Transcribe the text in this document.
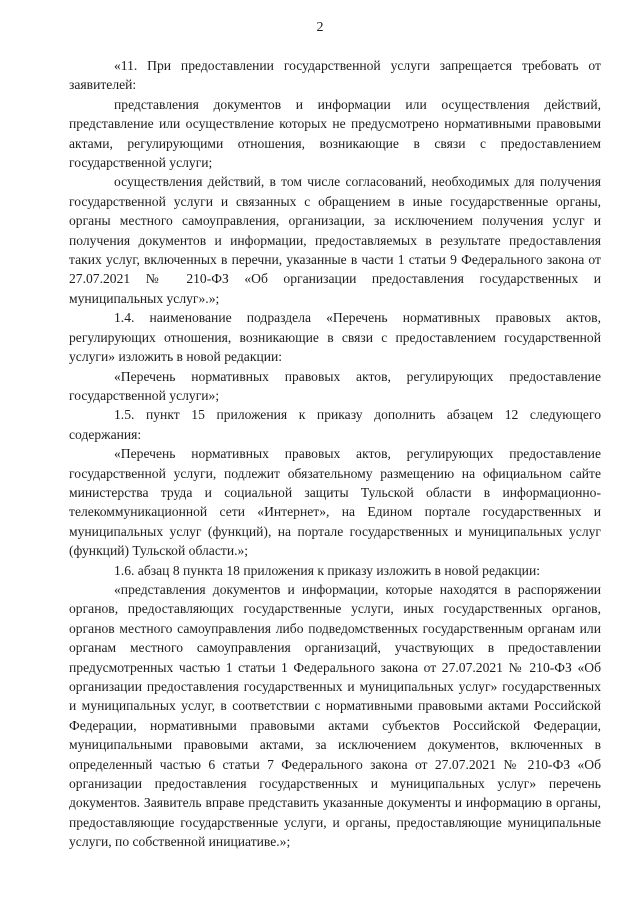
2

«11. При предоставлении государственной услуги запрещается требовать от заявителей:

представления документов и информации или осуществления действий, представление или осуществление которых не предусмотрено нормативными правовыми актами, регулирующими отношения, возникающие в связи с предоставлением государственной услуги;

осуществления действий, в том числе согласований, необходимых для получения государственной услуги и связанных с обращением в иные государственные органы, органы местного самоуправления, организации, за исключением получения услуг и получения документов и информации, предоставляемых в результате предоставления таких услуг, включенных в перечни, указанные в части 1 статьи 9 Федерального закона от 27.07.2021 № 210-ФЗ «Об организации предоставления государственных и муниципальных услуг».»;

1.4. наименование подраздела «Перечень нормативных правовых актов, регулирующих отношения, возникающие в связи с предоставлением государственной услуги» изложить в новой редакции:

«Перечень нормативных правовых актов, регулирующих предоставление государственной услуги»;

1.5. пункт 15 приложения к приказу дополнить абзацем 12 следующего содержания:

«Перечень нормативных правовых актов, регулирующих предоставление государственной услуги, подлежит обязательному размещению на официальном сайте министерства труда и социальной защиты Тульской области в информационно-телекоммуникационной сети «Интернет», на Едином портале государственных и муниципальных услуг (функций), на портале государственных и муниципальных услуг (функций) Тульской области.»;

1.6. абзац 8 пункта 18 приложения к приказу изложить в новой редакции:

«представления документов и информации, которые находятся в распоряжении органов, предоставляющих государственные услуги, иных государственных органов, органов местного самоуправления либо подведомственных государственным органам или органам местного самоуправления организаций, участвующих в предоставлении предусмотренных частью 1 статьи 1 Федерального закона от 27.07.2021 № 210-ФЗ «Об организации предоставления государственных и муниципальных услуг» государственных и муниципальных услуг, в соответствии с нормативными правовыми актами Российской Федерации, нормативными правовыми актами субъектов Российской Федерации, муниципальными правовыми актами, за исключением документов, включенных в определенный частью 6 статьи 7 Федерального закона от 27.07.2021 № 210-ФЗ «Об организации предоставления государственных и муниципальных услуг» перечень документов. Заявитель вправе представить указанные документы и информацию в органы, предоставляющие государственные услуги, и органы, предоставляющие муниципальные услуги, по собственной инициативе.»;
